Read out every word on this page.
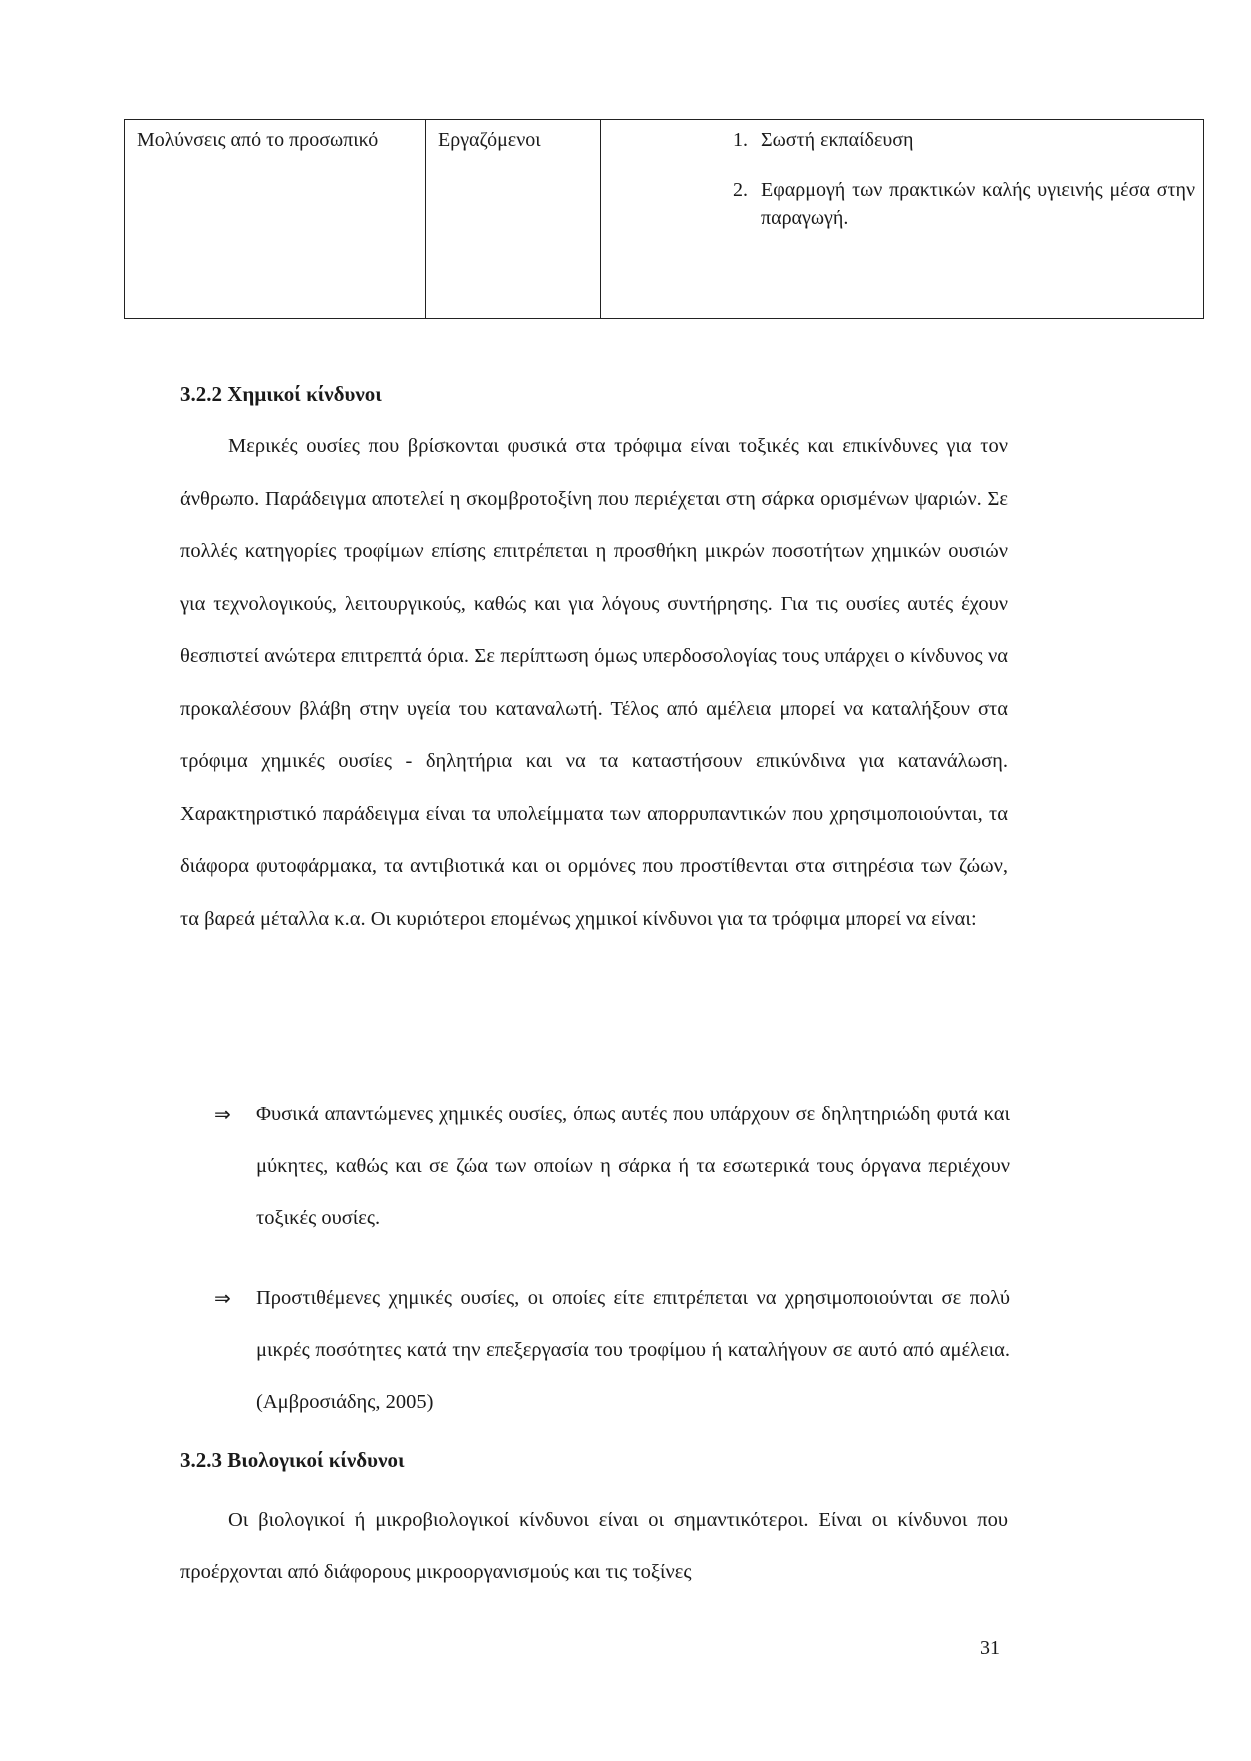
Μολύνσεις από το προσωπικό	Εργαζόμενοι	1. Σωστή εκπαίδευση
2. Εφαρμογή των πρακτικών καλής υγιεινής μέσα στην παραγωγή.
3.2.2 Χημικοί κίνδυνοι
Μερικές ουσίες που βρίσκονται φυσικά στα τρόφιμα είναι τοξικές και επικίνδυνες για τον άνθρωπο. Παράδειγμα αποτελεί η σκομβροτοξίνη που περιέχεται στη σάρκα ορισμένων ψαριών. Σε πολλές κατηγορίες τροφίμων επίσης επιτρέπεται η προσθήκη μικρών ποσοτήτων χημικών ουσιών για τεχνολογικούς, λειτουργικούς, καθώς και για λόγους συντήρησης. Για τις ουσίες αυτές έχουν θεσπιστεί ανώτερα επιτρεπτά όρια. Σε περίπτωση όμως υπερδοσολογίας τους υπάρχει ο κίνδυνος να προκαλέσουν βλάβη στην υγεία του καταναλωτή. Τέλος από αμέλεια μπορεί να καταλήξουν στα τρόφιμα χημικές ουσίες - δηλητήρια και να τα καταστήσουν επικύνδινα για κατανάλωση. Χαρακτηριστικό παράδειγμα είναι τα υπολείμματα των απορρυπαντικών που χρησιμοποιούνται, τα διάφορα φυτοφάρμακα, τα αντιβιοτικά και οι ορμόνες που προστίθενται στα σιτηρέσια των ζώων, τα βαρεά μέταλλα κ.α. Οι κυριότεροι επομένως χημικοί κίνδυνοι για τα τρόφιμα μπορεί να είναι:
⇒	Φυσικά απαντώμενες χημικές ουσίες, όπως αυτές που υπάρχουν σε δηλητηριώδη φυτά και μύκητες, καθώς και σε ζώα των οποίων η σάρκα ή τα εσωτερικά τους όργανα περιέχουν τοξικές ουσίες.
⇒	Προστιθέμενες χημικές ουσίες, οι οποίες είτε επιτρέπεται να χρησιμοποιούνται σε πολύ μικρές ποσότητες κατά την επεξεργασία του τροφίμου ή καταλήγουν σε αυτό από αμέλεια.(Αμβροσιάδης, 2005)
3.2.3 Βιολογικοί κίνδυνοι
Οι βιολογικοί ή μικροβιολογικοί κίνδυνοι είναι οι σημαντικότεροι. Είναι οι κίνδυνοι που προέρχονται από διάφορους μικροοργανισμούς και τις τοξίνες
31
